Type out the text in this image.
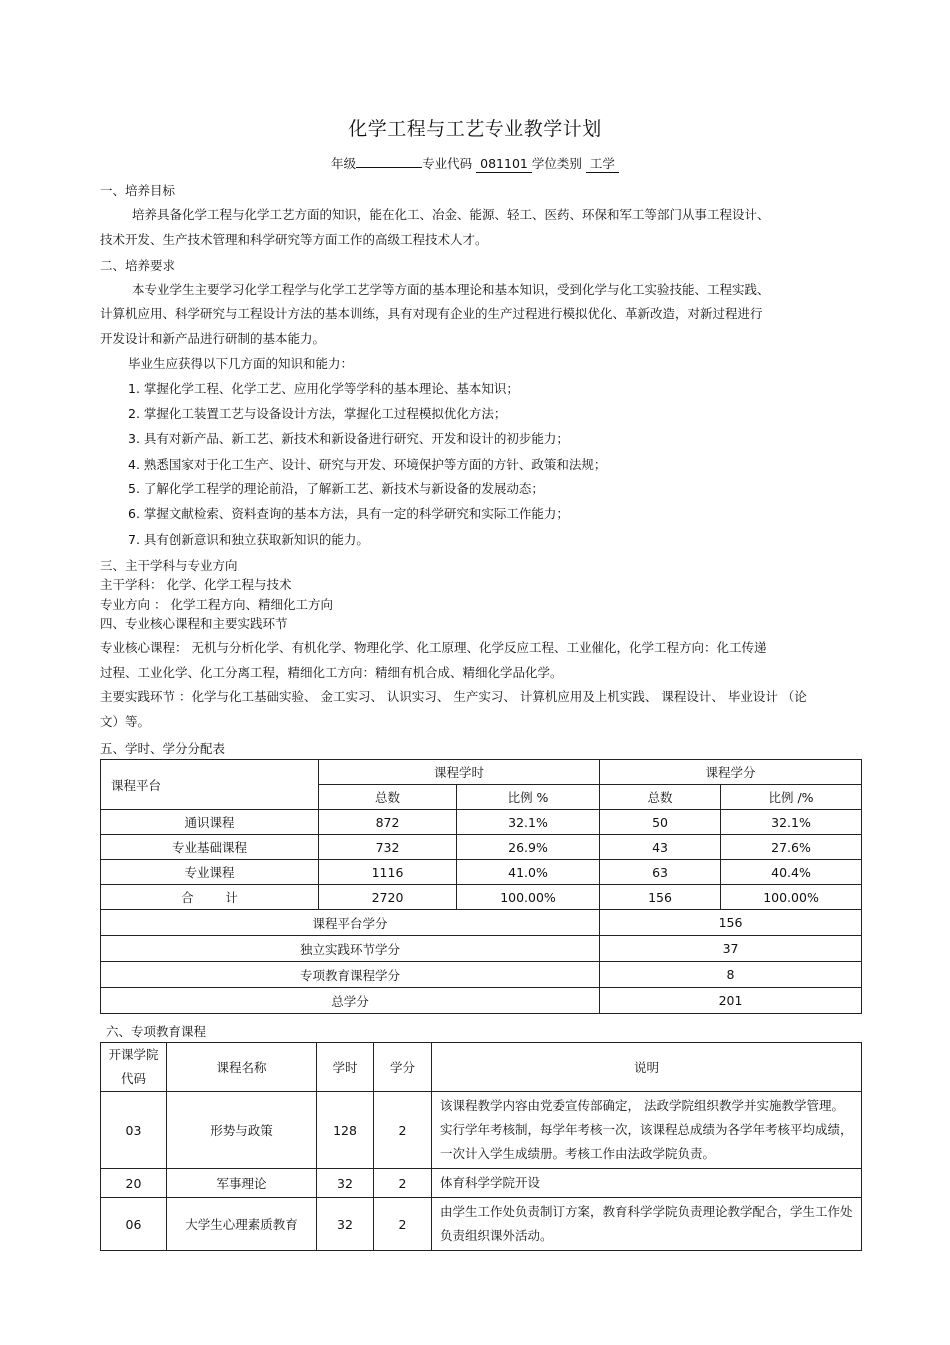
化学工程与工艺专业教学计划
年级	专业代码 081101 学位类别 工学
一、培养目标
培养具备化学工程与化学工艺方面的知识，能在化工、冶金、能源、轻工、医药、环保和军工等部门从事工程设计、
技术开发、生产技术管理和科学研究等方面工作的高级工程技术人才。
二、培养要求
本专业学生主要学习化学工程学与化学工艺学等方面的基本理论和基本知识，受到化学与化工实验技能、工程实践、
计算机应用、科学研究与工程设计方法的基本训练，具有对现有企业的生产过程进行模拟优化、革新改造，对新过程进行
开发设计和新产品进行研制的基本能力。
毕业生应获得以下几方面的知识和能力：
1. 掌握化学工程、化学工艺、应用化学等学科的基本理论、基本知识；
2. 掌握化工装置工艺与设备设计方法，掌握化工过程模拟优化方法；
3. 具有对新产品、新工艺、新技术和新设备进行研究、开发和设计的初步能力；
4. 熟悉国家对于化工生产、设计、研究与开发、环境保护等方面的方针、政策和法规；
5. 了解化学工程学的理论前沿，了解新工艺、新技术与新设备的发展动态；
6. 掌握文献检索、资料查询的基本方法，具有一定的科学研究和实际工作能力；
7. 具有创新意识和独立获取新知识的能力。
三、主干学科与专业方向
主干学科： 化学、化学工程与技术
专业方向 ： 化学工程方向、精细化工方向
四、专业核心课程和主要实践环节
专业核心课程： 无机与分析化学、有机化学、物理化学、化工原理、化学反应工程、工业催化，化学工程方向：化工传递
过程、工业化学、化工分离工程，精细化工方向：精细有机合成、精细化学品化学。
主要实践环节 ：化学与化工基础实验、 金工实习、 认识实习、 生产实习、 计算机应用及上机实践、 课程设计、 毕业设计 （论
文）等。
五、学时、学分分配表
课程平台	课程学时		课程学分	
	总数	比例 %	总数	比例 /%
通识课程	872	32.1%	50	32.1%
专业基础课程	732	26.9%	43	27.6%
专业课程	1116	41.0%	63	40.4%
合        计	2720	100.00%	156	100.00%
课程平台学分			156	
独立实践环节学分			37	
专项教育课程学分			8	
总学分			201	
六、专项教育课程
开课学院代码	课程名称	学时	学分	说明
03	形势与政策	128	2	该课程教学内容由党委宣传部确定， 法政学院组织教学并实施教学管理。实行学年考核制，每学年考核一次，该课程总成绩为各学年考核平均成绩，一次计入学生成绩册。考核工作由法政学院负责。
20	军事理论	32	2	体育科学学院开设
06	大学生心理素质教育	32	2	由学生工作处负责制订方案，教育科学学院负责理论教学配合，学生工作处负责组织课外活动。
